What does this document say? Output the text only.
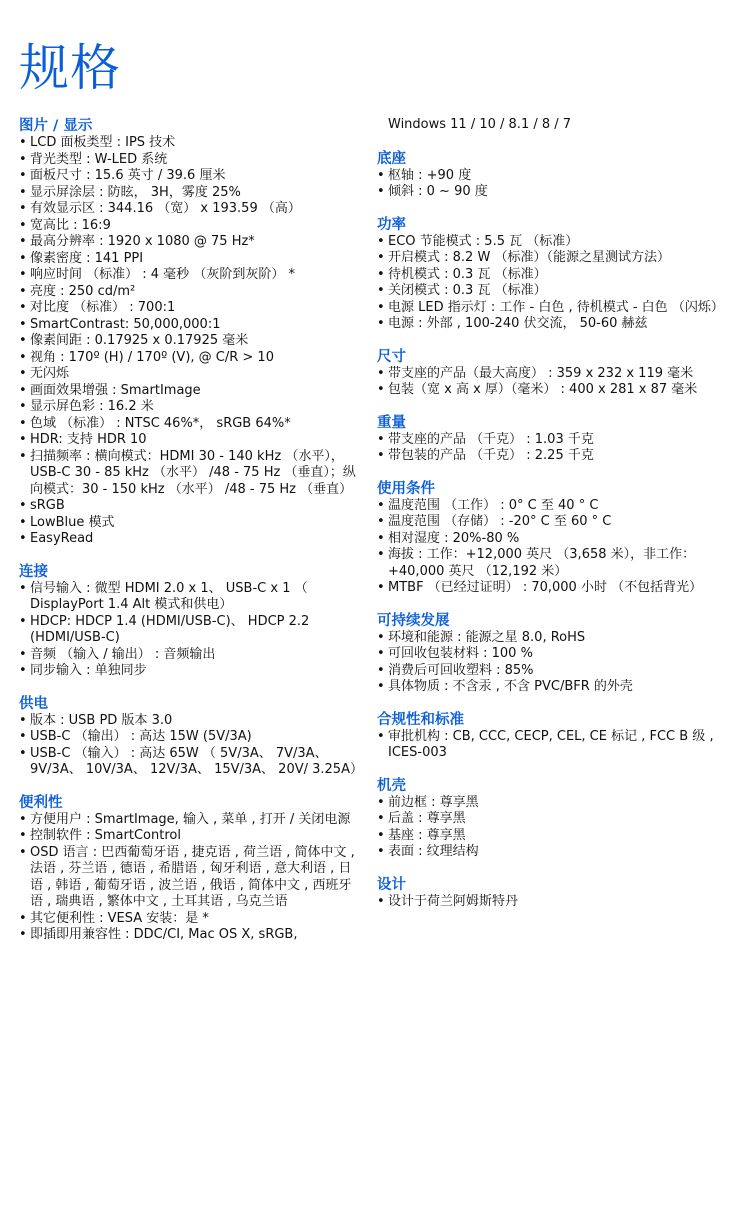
规格
图片 / 显示
• LCD 面板类型 : IPS 技术
• 背光类型 : W-LED 系统
• 面板尺寸 : 15.6 英寸 / 39.6 厘米
• 显示屏涂层 : 防眩， 3H，雾度 25%
• 有效显示区 : 344.16 （宽） x 193.59 （高）
• 宽高比 : 16:9
• 最高分辨率 : 1920 x 1080 @ 75 Hz*
• 像素密度 : 141 PPI
• 响应时间 （标准） : 4 毫秒 （灰阶到灰阶） *
• 亮度 : 250 cd/m²
• 对比度 （标准） : 700:1
• SmartContrast: 50,000,000:1
• 像素间距 : 0.17925 x 0.17925 毫米
• 视角 : 170º (H) / 170º (V), @ C/R > 10
• 无闪烁
• 画面效果增强 : SmartImage
• 显示屏色彩 : 16.2 米
• 色域 （标准） : NTSC 46%*， sRGB 64%*
• HDR: 支持 HDR 10
• 扫描频率 : 横向模式：HDMI 30 - 140 kHz （水平）， USB-C 30 - 85 kHz （水平） /48 - 75 Hz （垂直）；纵向模式：30 - 150 kHz （水平） /48 - 75 Hz （垂直）
• sRGB
• LowBlue 模式
• EasyRead
连接
• 信号输入 : 微型 HDMI 2.0 x 1、 USB-C x 1 （ DisplayPort 1.4 Alt 模式和供电）
• HDCP: HDCP 1.4 (HDMI/USB-C)、 HDCP 2.2 (HDMI/USB-C)
• 音频 （输入 / 输出） : 音频输出
• 同步输入 : 单独同步
供电
• 版本 : USB PD 版本 3.0
• USB-C （输出） : 高达 15W (5V/3A)
• USB-C （输入） : 高达 65W （ 5V/3A、 7V/3A、 9V/3A、 10V/3A、 12V/3A、 15V/3A、 20V/ 3.25A）
便利性
• 方便用户 : SmartImage, 输入 , 菜单 , 打开 / 关闭电源
• 控制软件 : SmartControl
• OSD 语言 : 巴西葡萄牙语 , 捷克语 , 荷兰语 , 简体中文 , 法语 , 芬兰语 , 德语 , 希腊语 , 匈牙利语 , 意大利语 , 日语 , 韩语 , 葡萄牙语 , 波兰语 , 俄语 , 简体中文 , 西班牙语 , 瑞典语 , 繁体中文 , 土耳其语 , 乌克兰语
• 其它便利性 : VESA 安装：是 *
• 即插即用兼容性 : DDC/CI, Mac OS X, sRGB,
Windows 11 / 10 / 8.1 / 8 / 7
底座
• 枢轴 : +90 度
• 倾斜 : 0 ~ 90 度
功率
• ECO 节能模式 : 5.5 瓦 （标准）
• 开启模式 : 8.2 W （标准）（能源之星测试方法）
• 待机模式 : 0.3 瓦 （标准）
• 关闭模式 : 0.3 瓦 （标准）
• 电源 LED 指示灯 : 工作 - 白色 , 待机模式 - 白色 （闪烁）
• 电源 : 外部 , 100-240 伏交流， 50-60 赫兹
尺寸
• 带支座的产品（最大高度） : 359 x 232 x 119 毫米
• 包装（宽 x 高 x 厚）（毫米） : 400 x 281 x 87 毫米
重量
• 带支座的产品 （千克） : 1.03 千克
• 带包装的产品 （千克） : 2.25 千克
使用条件
• 温度范围 （工作） : 0° C 至 40 ° C
• 温度范围 （存储） : -20° C 至 60 ° C
• 相对湿度 : 20%-80 %
• 海拔 : 工作：+12,000 英尺 （3,658 米），非工作：+40,000 英尺 （12,192 米）
• MTBF （已经过证明） : 70,000 小时 （不包括背光）
可持续发展
• 环境和能源 : 能源之星 8.0, RoHS
• 可回收包装材料 : 100 %
• 消费后可回收塑料 : 85%
• 具体物质 : 不含汞 , 不含 PVC/BFR 的外壳
合规性和标准
• 审批机构 : CB, CCC, CECP, CEL, CE 标记 , FCC B 级 , ICES-003
机壳
• 前边框 : 尊享黑
• 后盖 : 尊享黑
• 基座 : 尊享黑
• 表面 : 纹理结构
设计
• 设计于荷兰阿姆斯特丹
